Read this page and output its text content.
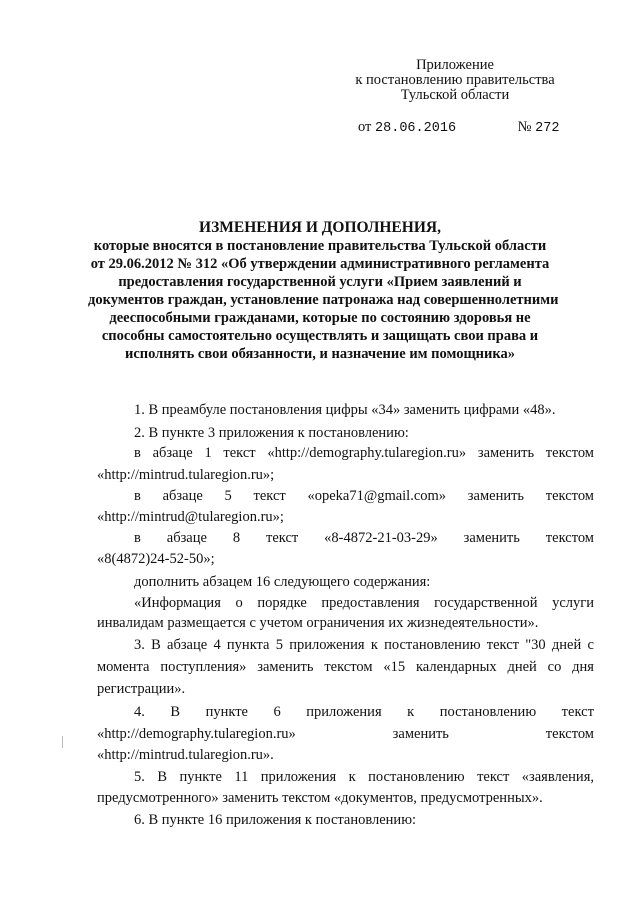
Приложение
к постановлению правительства
Тульской области
от 28.06.2016	№ 272
ИЗМЕНЕНИЯ И ДОПОЛНЕНИЯ,
которые вносятся в постановление правительства Тульской области
от 29.06.2012 № 312 «Об утверждении административного регламента
предоставления государственной услуги «Прием заявлений и
документов граждан, установление патронажа над совершеннолетними
дееспособными гражданами, которые по состоянию здоровья не
способны самостоятельно осуществлять и защищать свои права и
исполнять свои обязанности, и назначение им помощника»
1. В преамбуле постановления цифры «34» заменить цифрами «48».
2. В пункте 3 приложения к постановлению:
в абзаце 1 текст «http://demography.tularegion.ru» заменить текстом
«http://mintrud.tularegion.ru»;
в абзаце 5 текст «opeka71@gmail.com» заменить текстом
«http://mintrud@tularegion.ru»;
в абзаце 8 текст «8-4872-21-03-29» заменить текстом
«8(4872)24-52-50»;
дополнить абзацем 16 следующего содержания:
«Информация о порядке предоставления государственной услуги
инвалидам размещается с учетом ограничения их жизнедеятельности».
3. В абзаце 4 пункта 5 приложения к постановлению текст "30 дней с
момента поступления» заменить текстом «15 календарных дней со дня
регистрации».
4. В пункте 6 приложения к постановлению текст
«http://demography.tularegion.ru»	заменить	текстом
«http://mintrud.tularegion.ru».
5. В пункте 11 приложения к постановлению текст «заявления,
предусмотренного» заменить текстом «документов, предусмотренных».
6. В пункте 16 приложения к постановлению:
